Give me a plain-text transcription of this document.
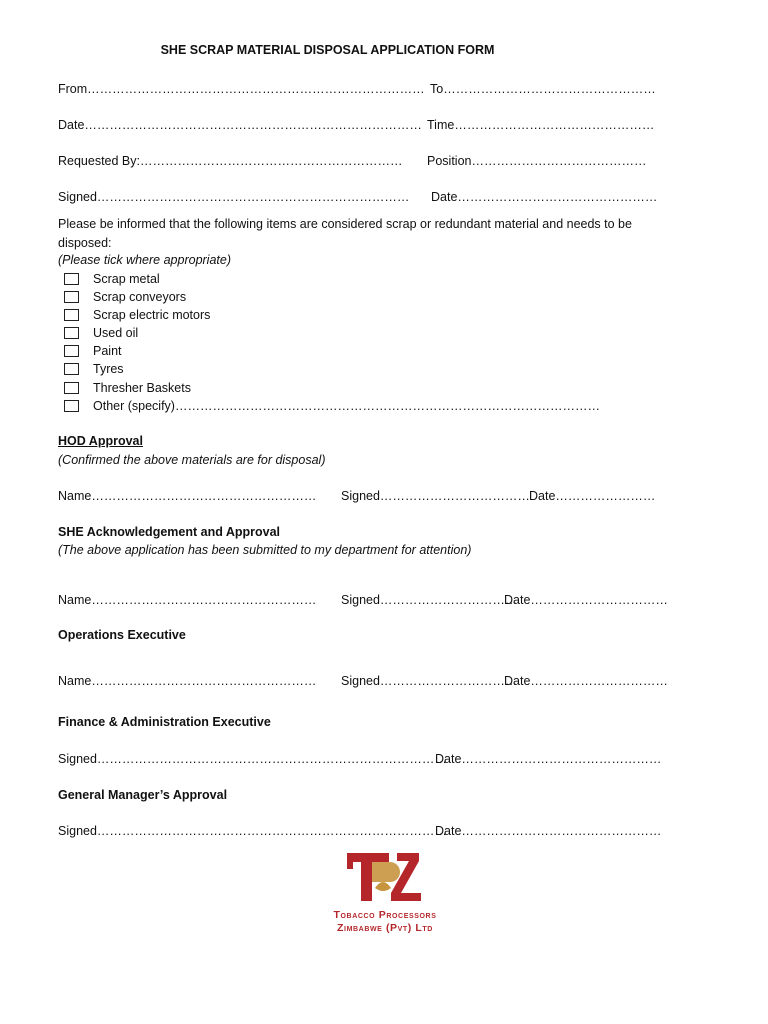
SHE SCRAP MATERIAL DISPOSAL APPLICATION FORM
From……………………………………………………………………… To……………………………………………
Date……………………………………………………………………… Time…………………………………………
Requested By:……………………………………………………… Position……………………………………
Signed………………………………………………………………… Date…………………………………………
Please be informed that the following items are considered scrap or redundant material and needs to be disposed:
(Please tick where appropriate)
Scrap metal
Scrap conveyors
Scrap electric motors
Used oil
Paint
Tyres
Thresher Baskets
Other (specify)…………………………………………………………………………………………
HOD Approval
(Confirmed the above materials are for disposal)
Name……………………………………………… Signed……………………………… Date……………………
SHE Acknowledgement and Approval
(The above application has been submitted to my department for attention)
Name……………………………………………… Signed……………………………
Date……………………………
Operations Executive
Name……………………………………………… Signed……………………………
Date……………………………
Finance & Administration Executive
Signed…………………………………………………………………………
Date…………………………………………
General Manager’s Approval
Signed…………………………………………………………………………
Date…………………………………………
Tobacco Processors
Zimbabwe (Pvt) Ltd
